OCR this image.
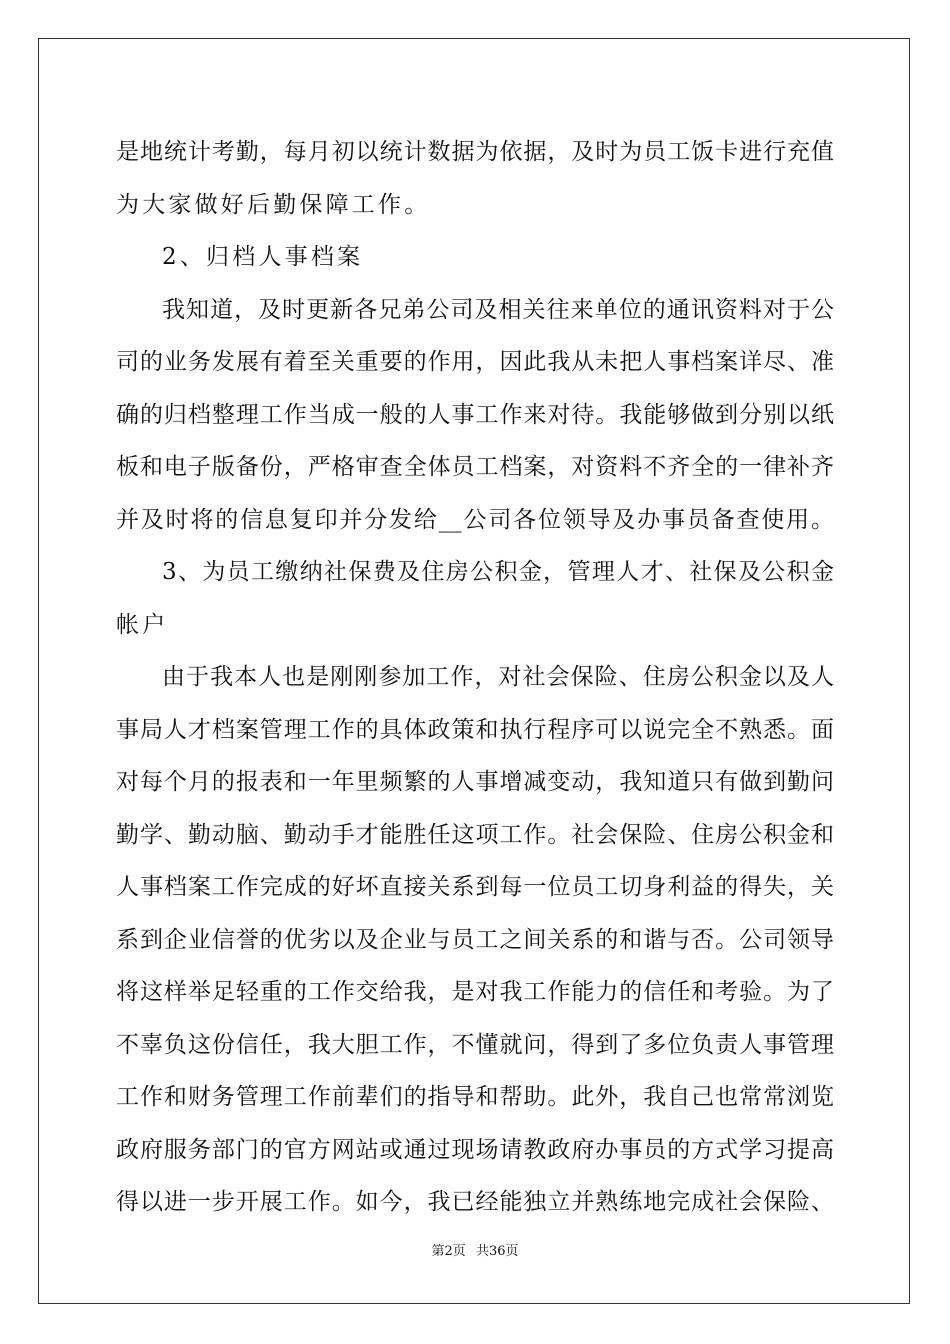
是地统计考勤，每月初以统计数据为依据，及时为员工饭卡进行充值
为大家做好后勤保障工作。
2、归档人事档案
我知道，及时更新各兄弟公司及相关往来单位的通讯资料对于公
司的业务发展有着至关重要的作用，因此我从未把人事档案详尽、准
确的归档整理工作当成一般的人事工作来对待。我能够做到分别以纸
板和电子版备份，严格审查全体员工档案，对资料不齐全的一律补齐
并及时将的信息复印并分发给__公司各位领导及办事员备查使用。
3、为员工缴纳社保费及住房公积金，管理人才、社保及公积金
帐户
由于我本人也是刚刚参加工作，对社会保险、住房公积金以及人
事局人才档案管理工作的具体政策和执行程序可以说完全不熟悉。面
对每个月的报表和一年里频繁的人事增减变动，我知道只有做到勤问
勤学、勤动脑、勤动手才能胜任这项工作。社会保险、住房公积金和
人事档案工作完成的好坏直接关系到每一位员工切身利益的得失，关
系到企业信誉的优劣以及企业与员工之间关系的和谐与否。公司领导
将这样举足轻重的工作交给我，是对我工作能力的信任和考验。为了
不辜负这份信任，我大胆工作，不懂就问，得到了多位负责人事管理
工作和财务管理工作前辈们的指导和帮助。此外，我自己也常常浏览
政府服务部门的官方网站或通过现场请教政府办事员的方式学习提高
得以进一步开展工作。如今，我已经能独立并熟练地完成社会保险、
第2页 共36页
